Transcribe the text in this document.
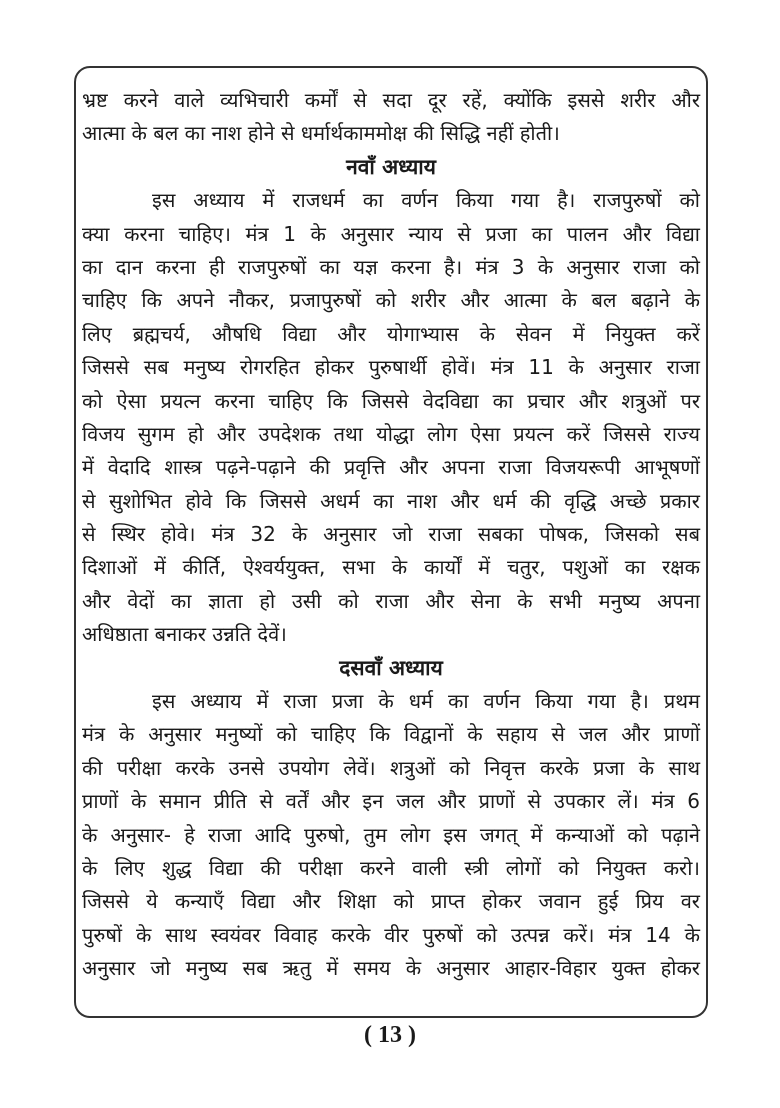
भ्रष्ट करने वाले व्यभिचारी कर्मों से सदा दूर रहें, क्योंकि इससे शरीर और
आत्मा के बल का नाश होने से धर्मार्थकाममोक्ष की सिद्धि नहीं होती।
नवाँ अध्याय
इस अध्याय में राजधर्म का वर्णन किया गया है। राजपुरुषों को
क्या करना चाहिए। मंत्र 1 के अनुसार न्याय से प्रजा का पालन और विद्या
का दान करना ही राजपुरुषों का यज्ञ करना है। मंत्र 3 के अनुसार राजा को
चाहिए कि अपने नौकर, प्रजापुरुषों को शरीर और आत्मा के बल बढ़ाने के
लिए ब्रह्मचर्य, औषधि विद्या और योगाभ्यास के सेवन में नियुक्त करें
जिससे सब मनुष्य रोगरहित होकर पुरुषार्थी होवें। मंत्र 11 के अनुसार राजा
को ऐसा प्रयत्न करना चाहिए कि जिससे वेदविद्या का प्रचार और शत्रुओं पर
विजय सुगम हो और उपदेशक तथा योद्धा लोग ऐसा प्रयत्न करें जिससे राज्य
में वेदादि शास्त्र पढ़ने-पढ़ाने की प्रवृत्ति और अपना राजा विजयरूपी आभूषणों
से सुशोभित होवे कि जिससे अधर्म का नाश और धर्म की वृद्धि अच्छे प्रकार
से स्थिर होवे। मंत्र 32 के अनुसार जो राजा सबका पोषक, जिसको सब
दिशाओं में कीर्ति, ऐश्वर्ययुक्त, सभा के कार्यों में चतुर, पशुओं का रक्षक
और वेदों का ज्ञाता हो उसी को राजा और सेना के सभी मनुष्य अपना
अधिष्ठाता बनाकर उन्नति देवें।
दसवाँ अध्याय
इस अध्याय में राजा प्रजा के धर्म का वर्णन किया गया है। प्रथम
मंत्र के अनुसार मनुष्यों को चाहिए कि विद्वानों के सहाय से जल और प्राणों
की परीक्षा करके उनसे उपयोग लेवें। शत्रुओं को निवृत्त करके प्रजा के साथ
प्राणों के समान प्रीति से वर्तें और इन जल और प्राणों से उपकार लें। मंत्र 6
के अनुसार- हे राजा आदि पुरुषो, तुम लोग इस जगत् में कन्याओं को पढ़ाने
के लिए शुद्ध विद्या की परीक्षा करने वाली स्त्री लोगों को नियुक्त करो।
जिससे ये कन्याएँ विद्या और शिक्षा को प्राप्त होकर जवान हुई प्रिय वर
पुरुषों के साथ स्वयंवर विवाह करके वीर पुरुषों को उत्पन्न करें। मंत्र 14 के
अनुसार जो मनुष्य सब ऋतु में समय के अनुसार आहार-विहार युक्त होकर
( 13 )
